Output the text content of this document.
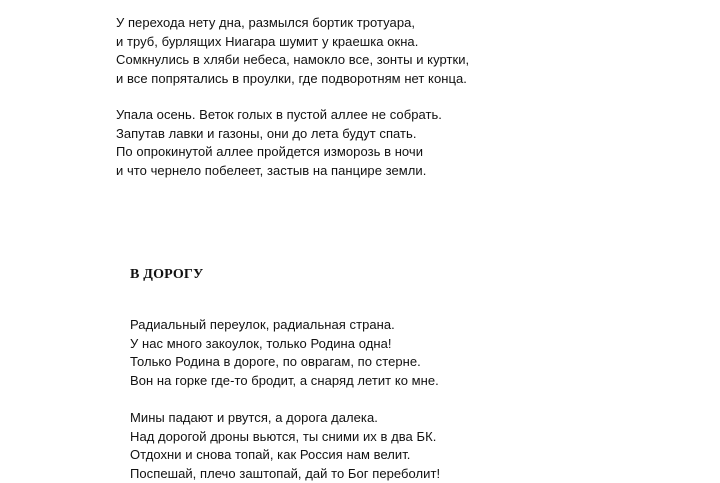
У перехода нету дна, размылся бортик тротуара,
и труб, бурлящих Ниагара шумит у краешка окна.
Сомкнулись в хляби небеса, намокло все, зонты и куртки,
и все попрятались в проулки, где подворотням нет конца.
Упала осень. Веток голых в пустой аллее не собрать.
Запутав лавки и газоны, они до лета будут спать.
По опрокинутой аллее пройдется изморозь в ночи
и что чернело побелеет, застыв на панцире земли.
В ДОРОГУ
Радиальный переулок, радиальная страна.
У нас много закоулок, только Родина одна!
Только Родина в дороге, по оврагам, по стерне.
Вон на горке где-то бродит, а снаряд летит ко мне.
Мины падают и рвутся, а дорога далека.
Над дорогой дроны вьются, ты сними их в два БК.
Отдохни и снова топай, как Россия нам велит.
Поспешай, плечо заштопай, дай то Бог переболит!
